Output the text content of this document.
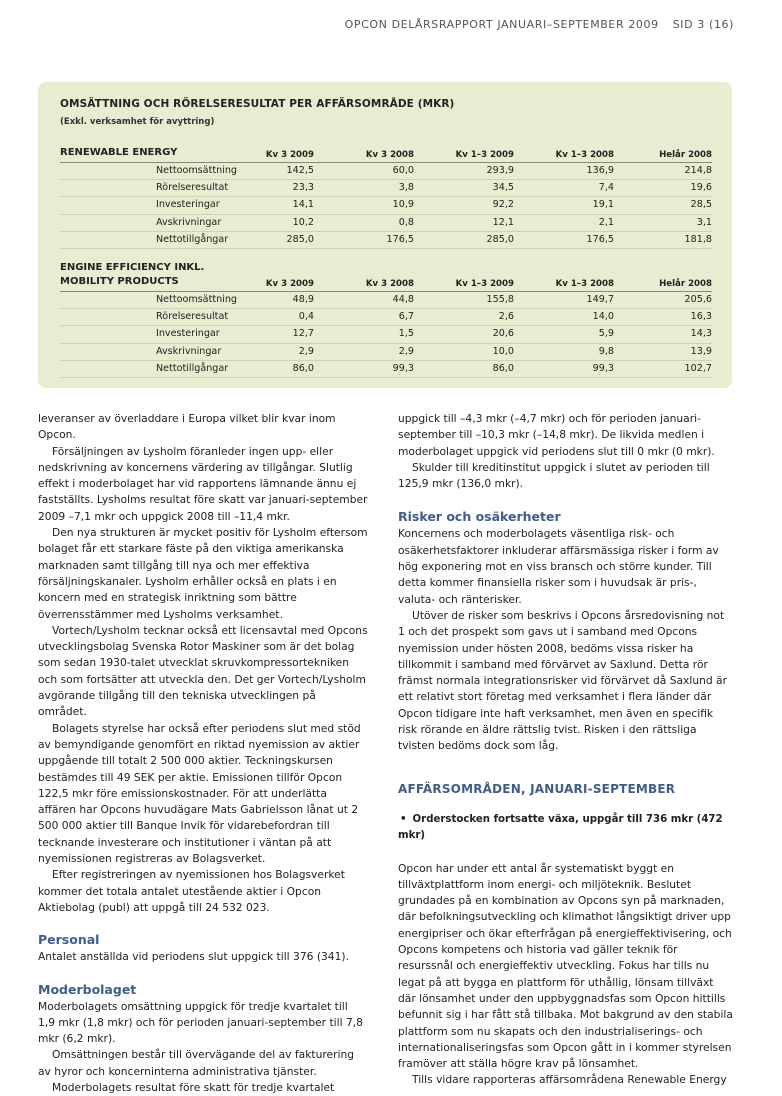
OPCON DELÅRSRAPPORT JANUARI–SEPTEMBER 2009 SID 3 (16)
OMSÄTTNING OCH RÖRELSERESULTAT PER AFFÄRSOMRÅDE (MKR)
(Exkl. verksamhet för avyttring)
RENEWABLE ENERGY	Kv 3 2009	Kv 3 2008	Kv 1–3 2009	Kv 1–3 2008	Helår 2008
Nettoomsättning	142,5	60,0	293,9	136,9	214,8
Rörelseresultat	23,3	3,8	34,5	7,4	19,6
Investeringar	14,1	10,9	92,2	19,1	28,5
Avskrivningar	10,2	0,8	12,1	2,1	3,1
Nettotillgångar	285,0	176,5	285,0	176,5	181,8
ENGINE EFFICIENCY INKL.
MOBILITY PRODUCTS	Kv 3 2009	Kv 3 2008	Kv 1–3 2009	Kv 1–3 2008	Helår 2008
Nettoomsättning	48,9	44,8	155,8	149,7	205,6
Rörelseresultat	0,4	6,7	2,6	14,0	16,3
Investeringar	12,7	1,5	20,6	5,9	14,3
Avskrivningar	2,9	2,9	10,0	9,8	13,9
Nettotillgångar	86,0	99,3	86,0	99,3	102,7

leveranser av överladdare i Europa vilket blir kvar inom Opcon.

Försäljningen av Lysholm föranleder ingen upp- eller nedskrivning av koncernens värdering av tillgångar. Slutlig effekt i moderbolaget har vid rapportens lämnande ännu ej fastställts. Lysholms resultat före skatt var januari-september 2009 –7,1 mkr och uppgick 2008 till –11,4 mkr.

Den nya strukturen är mycket positiv för Lysholm eftersom bolaget får ett starkare fäste på den viktiga amerikanska marknaden samt tillgång till nya och mer effektiva försäljningskanaler. Lysholm erhåller också en plats i en koncern med en strategisk inriktning som bättre överrensstämmer med Lysholms verksamhet.

Vortech/Lysholm tecknar också ett licensavtal med Opcons utvecklingsbolag Svenska Rotor Maskiner som är det bolag som sedan 1930-talet utvecklat skruvkompressortekniken och som fortsätter att utveckla den. Det ger Vortech/Lysholm avgörande tillgång till den tekniska utvecklingen på området.

Bolagets styrelse har också efter periodens slut med stöd av bemyndigande genomfört en riktad nyemission av aktier uppgående till totalt 2 500 000 aktier. Teckningskursen bestämdes till 49 SEK per aktie. Emissionen tillför Opcon 122,5 mkr före emissionskostnader. För att underlätta affären har Opcons huvudägare Mats Gabrielsson lånat ut 2 500 000 aktier till Banque Invik för vidarebefordran till tecknande investerare och institutioner i väntan på att nyemissionen registreras av Bolagsverket.

Efter registreringen av nyemissionen hos Bolagsverket kommer det totala antalet utestående aktier i Opcon Aktiebolag (publ) att uppgå till 24 532 023.

Personal

Antalet anställda vid periodens slut uppgick till 376 (341).

Moderbolaget

Moderbolagets omsättning uppgick för tredje kvartalet till 1,9 mkr (1,8 mkr) och för perioden januari-september till 7,8 mkr (6,2 mkr).

Omsättningen består till övervägande del av fakturering av hyror och koncerninterna administrativa tjänster.

Moderbolagets resultat före skatt för tredje kvartalet

uppgick till –4,3 mkr (–4,7 mkr) och för perioden januari-september till –10,3 mkr (–14,8 mkr). De likvida medlen i moderbolaget uppgick vid periodens slut till 0 mkr (0 mkr).

Skulder till kreditinstitut uppgick i slutet av perioden till 125,9 mkr (136,0 mkr).

Risker och osäkerheter

Koncernens och moderbolagets väsentliga risk- och osäkerhetsfaktorer inkluderar affärsmässiga risker i form av hög exponering mot en viss bransch och större kunder. Till detta kommer finansiella risker som i huvudsak är pris-, valuta- och ränterisker.

Utöver de risker som beskrivs i Opcons årsredovisning not 1 och det prospekt som gavs ut i samband med Opcons nyemission under hösten 2008, bedöms vissa risker ha tillkommit i samband med förvärvet av Saxlund. Detta rör främst normala integrationsrisker vid förvärvet då Saxlund är ett relativt stort företag med verksamhet i flera länder där Opcon tidigare inte haft verksamhet, men även en specifik risk rörande en äldre rättslig tvist. Risken i den rättsliga tvisten bedöms dock som låg.

AFFÄRSOMRÅDEN, JANUARI-SEPTEMBER

• Orderstocken fortsatte växa, uppgår till 736 mkr (472 mkr)

Opcon har under ett antal år systematiskt byggt en tillväxtplattform inom energi- och miljöteknik. Beslutet grundades på en kombination av Opcons syn på marknaden, där befolkningsutveckling och klimathot långsiktigt driver upp energipriser och ökar efterfrågan på energieffektivisering, och Opcons kompetens och historia vad gäller teknik för resurssnål och energieffektiv utveckling. Fokus har tills nu legat på att bygga en plattform för uthållig, lönsam tillväxt där lönsamhet under den uppbyggnadsfas som Opcon hittills befunnit sig i har fått stå tillbaka. Mot bakgrund av den stabila plattform som nu skapats och den industrialiserings- och internationaliseringsfas som Opcon gått in i kommer styrelsen framöver att ställa högre krav på lönsamhet.

Tills vidare rapporteras affärsområdena Renewable Energy
